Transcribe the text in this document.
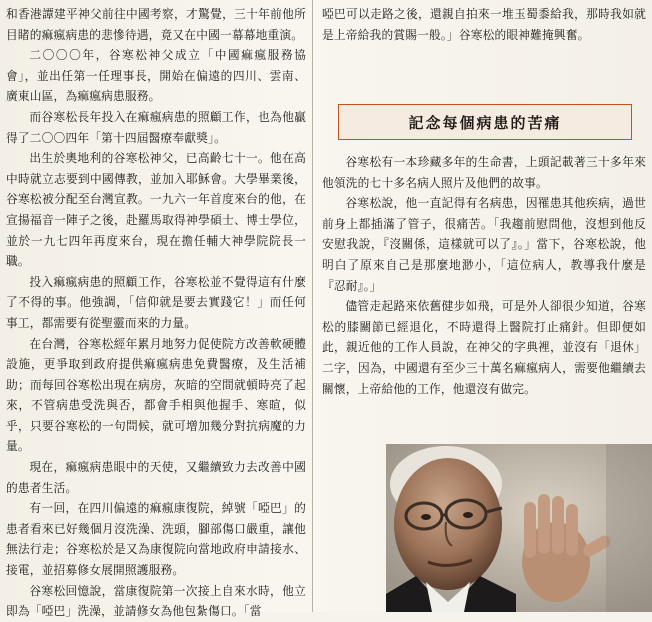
和香港譚建平神父前往中國考察，才驚覺，三十年前他所目睹的痲瘋病患的悲慘待遇，竟又在中國一幕幕地重演。

二〇〇〇年，谷寒松神父成立「中國痲瘋服務協會」，並出任第一任理事長，開始在偏遠的四川、雲南、廣東山區，為痲瘋病患服務。

而谷寒松長年投入在痲瘋病患的照顧工作，也為他贏得了二〇〇四年「第十四屆醫療奉獻獎」。

出生於奧地利的谷寒松神父，已高齡七十一。他在高中時就立志要到中國傳教，並加入耶穌會。大學畢業後，谷寒松被分配至台灣宣教。一九六一年首度來台的他，在宣揚福音一陣子之後，赴羅馬取得神學碩士、博士學位，並於一九七四年再度來台，現在擔任輔大神學院院長一職。

投入痲瘋病患的照顧工作，谷寒松並不覺得這有什麼了不得的事。他強調，「信仰就是要去實踐它！」而任何事工，都需要有從聖靈而來的力量。

在台灣，谷寒松經年累月地努力促使院方改善軟硬體設施，更爭取到政府提供痲瘋病患免費醫療，及生活補助；而每回谷寒松出現在病房，灰暗的空間就頓時亮了起來，不管病患受洗與否，都會手相與他握手、寒暄，似乎，只要谷寒松的一句問候，就可增加幾分對抗病魔的力量。

現在，痲瘋病患眼中的天使，又繼續致力去改善中國的患者生活。

有一回，在四川偏遠的痲瘋康復院，綽號「啞巴」的患者看來已好幾個月沒洗澡、洗頭，腳部傷口嚴重，讓他無法行走；谷寒松於是又為康復院向當地政府申請接水、接電，並招募修女展開照護服務。

谷寒松回憶說，當康復院第一次接上自來水時，他立即為「啞巴」洗澡，並請修女為他包紮傷口。「當

啞巴可以走路之後，還親自拍來一堆玉蜀黍給我，那時我如就是上帝給我的賞賜一般。」谷寒松的眼神難掩興奮。

記念每個病患的苦痛

谷寒松有一本珍藏多年的生命書，上頭記載著三十多年來他領洗的七十多名病人照片及他們的故事。

谷寒松說，他一直記得有名病患，因罹患其他疾病，過世前身上都插滿了管子，很痛苦。「我趨前慰問他，沒想到他反安慰我說，『沒關係，這樣就可以了』。」當下，谷寒松說，他明白了原來自己是那麼地渺小，「這位病人，教導我什麼是『忍耐』。」

儘管走起路來依舊健步如飛，可是外人卻很少知道，谷寒松的膝關節已經退化，不時還得上醫院打止痛針。但即便如此，親近他的工作人員說，在神父的字典裡，並沒有「退休」二字，因為，中國還有至少三十萬名痲瘋病人，需要他繼續去關懷，上帝給他的工作，他還沒有做完。
